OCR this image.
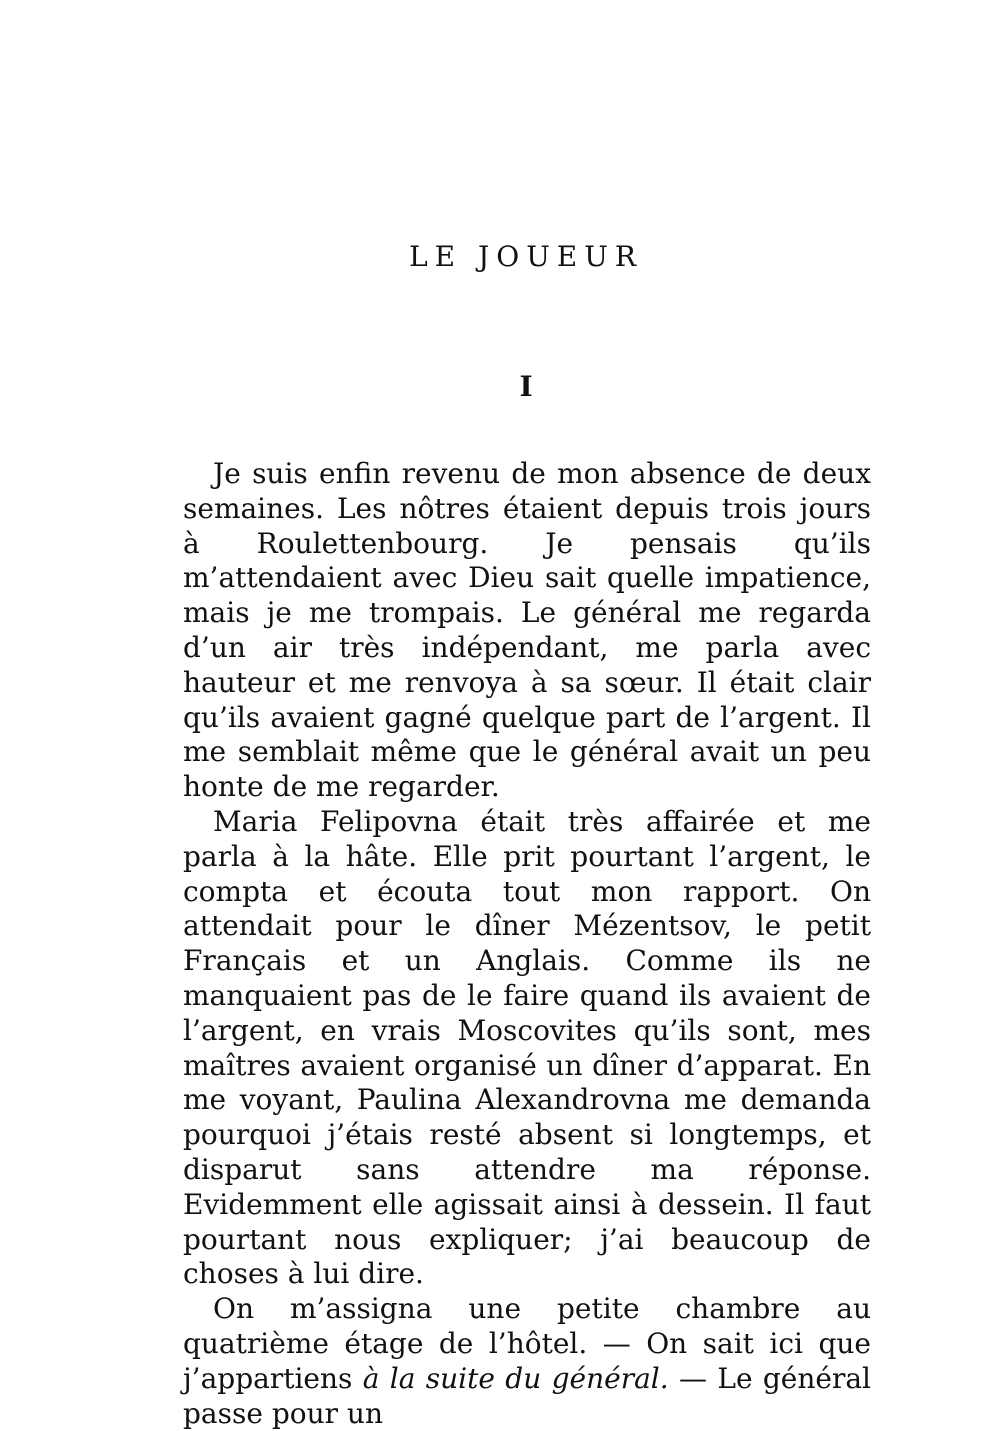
LE JOUEUR
I

Je suis enfin revenu de mon absence de deux semaines. Les nôtres étaient depuis trois jours à Roulettenbourg. Je pensais qu’ils m’attendaient avec Dieu sait quelle impatience, mais je me trompais. Le général me regarda d’un air très indépendant, me parla avec hauteur et me renvoya à sa sœur. Il était clair qu’ils avaient gagné quelque part de l’argent. Il me semblait même que le général avait un peu honte de me regarder.

Maria Felipovna était très affairée et me parla à la hâte. Elle prit pourtant l’argent, le compta et écouta tout mon rapport. On attendait pour le dîner Mézentsov, le petit Français et un Anglais. Comme ils ne manquaient pas de le faire quand ils avaient de l’argent, en vrais Moscovites qu’ils sont, mes maîtres avaient organisé un dîner d’apparat. En me voyant, Paulina Alexandrovna me demanda pourquoi j’étais resté absent si longtemps, et disparut sans attendre ma réponse. Evidemment elle agissait ainsi à dessein. Il faut pourtant nous expliquer; j’ai beaucoup de choses à lui dire.

On m’assigna une petite chambre au quatrième étage de l’hôtel. — On sait ici que j’appartiens à la suite du général. — Le général passe pour un
